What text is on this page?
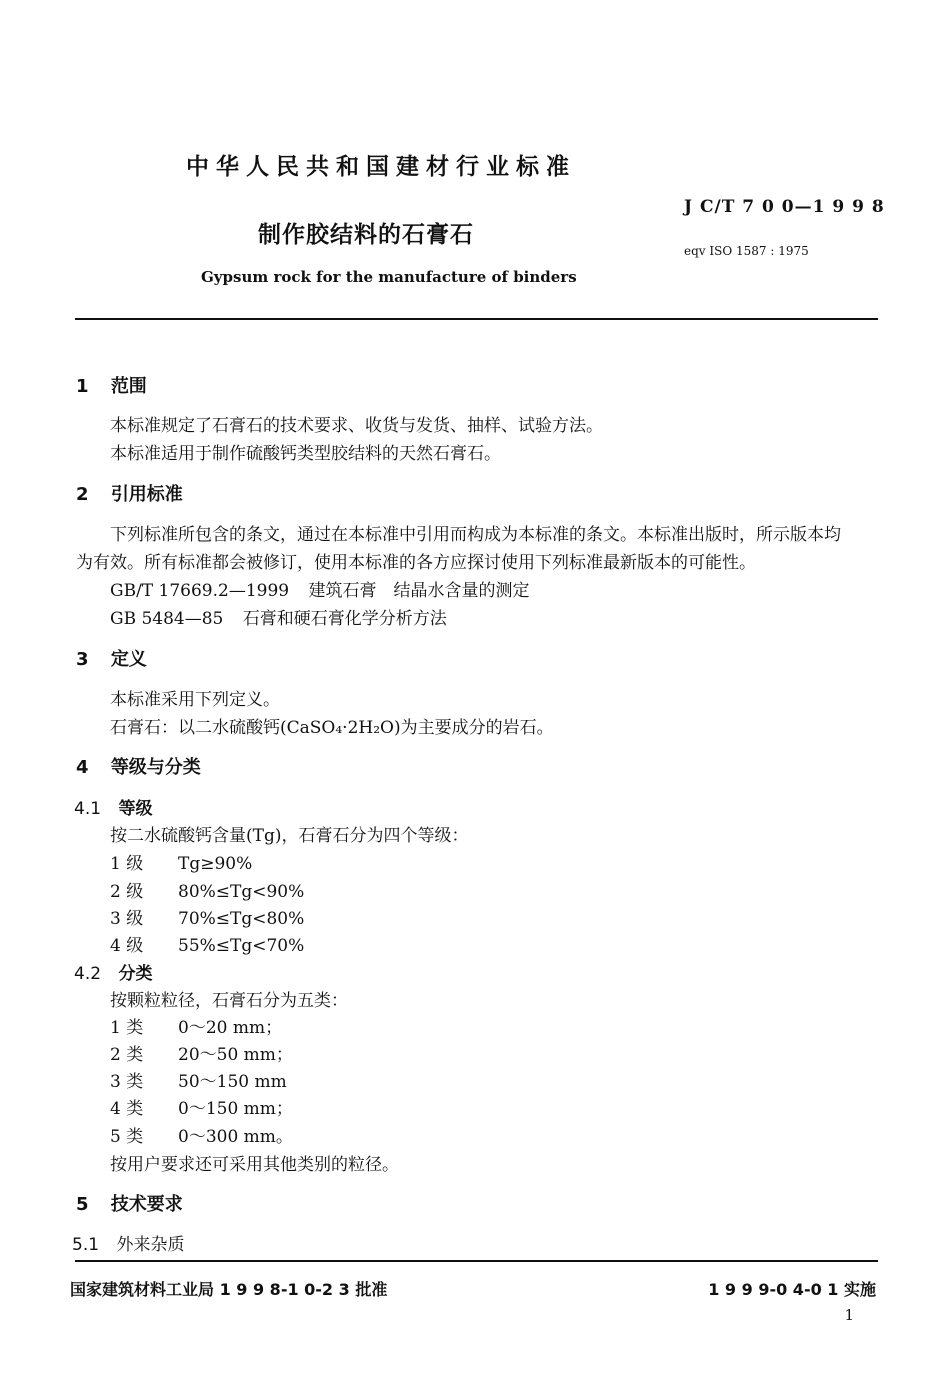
中华人民共和国建材行业标准
J C/T 7 0 0—1 9 9 8
制作胶结料的石膏石
eqv ISO 1587 : 1975
Gypsum rock for the manufacture of binders
1 范围
本标准规定了石膏石的技术要求、收货与发货、抽样、试验方法。
本标准适用于制作硫酸钙类型胶结料的天然石膏石。
2 引用标准
下列标准所包含的条文，通过在本标准中引用而构成为本标准的条文。本标准出版时，所示版本均
为有效。所有标准都会被修订，使用本标准的各方应探讨使用下列标准最新版本的可能性。
GB/T 17669.2—1999 建筑石膏　结晶水含量的测定
GB 5484—85 石膏和硬石膏化学分析方法
3 定义
本标准采用下列定义。
石膏石：以二水硫酸钙(CaSO₄·2H₂O)为主要成分的岩石。
4 等级与分类
4.1 等级
按二水硫酸钙含量(Tg)，石膏石分为四个等级：
1 级 Tg≥90%
2 级 80%≤Tg<90%
3 级 70%≤Tg<80%
4 级 55%≤Tg<70%
4.2 分类
按颗粒粒径，石膏石分为五类：
1 类 0～20 mm；
2 类 20～50 mm；
3 类 50～150 mm
4 类 0～150 mm；
5 类 0～300 mm。
按用户要求还可采用其他类别的粒径。
5 技术要求
5.1 外来杂质
国家建筑材料工业局 1 9 9 8-1 0-2 3 批准	1 9 9 9-0 4-0 1 实施
1
